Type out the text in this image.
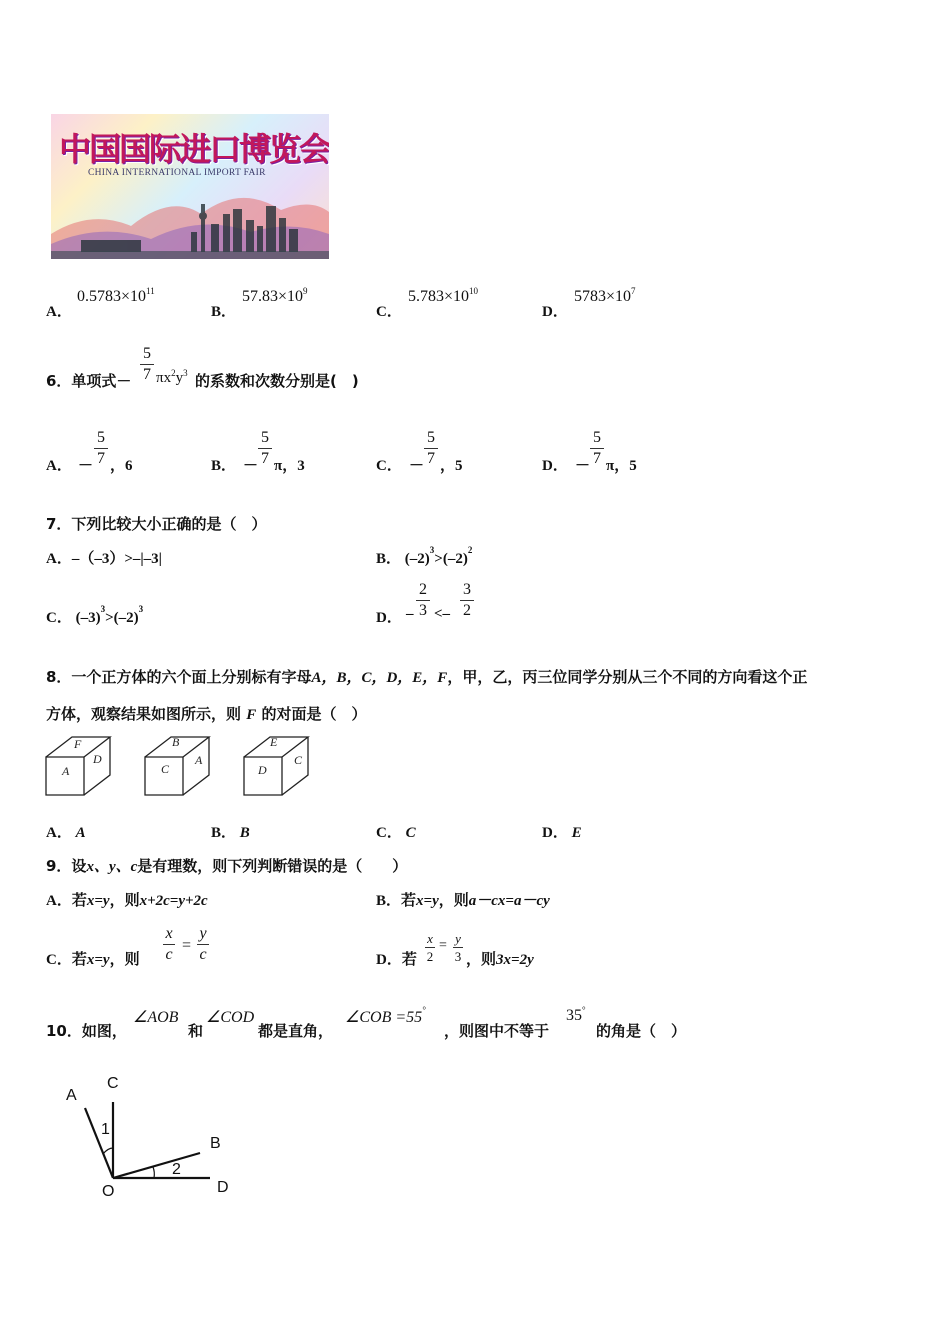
中国国际进口博览会
CHINA INTERNATIONAL IMPORT FAIR
A．
$0.5783\times 10^{11}$
B．
$57.83\times 10^9$
C．
$5.783\times 10^{10}$
D．
$5783\times 10^7$
6．单项式－
5
7 $\pi x^2y^3$ 的系数和次数分别是(　)
A． －
5
7 ，6	B． －
5
7 π，3	C． －
5
7 ，5	D． －
5
7 π，5
7．下列比较大小正确的是（　）
A．–（–3）>–|–3|	B． $(-2)^3>(-2)^2$
C． $(-3)^3>(-2)^3$
D． –
2
3 <–
3
2
8．一个正方体的六个面上分别标有字母A，B，C，D，E，F，甲，乙，丙三位同学分别从三个不同的方向看这个正
方体，观察结果如图所示，则 F 的对面是（　）
F
A
D
B
C
A
E
D
C
A． A	B． B	C． C	D． E
9．设x、y、c是有理数，则下列判断错误的是（　　）
A．若x=y，则x+2c=y+2c	B．若x=y，则a－cx=a－cy
C．若x=y，则
x
c
=
y
c	D．若
x
2
= y
3 ，则3x=2y
10．如图，
∠AOB
和
∠COD
都是直角，
∠COB =55°
，则图中不等于
35°
的角是（　）
A
C
B
D
O
1
2
